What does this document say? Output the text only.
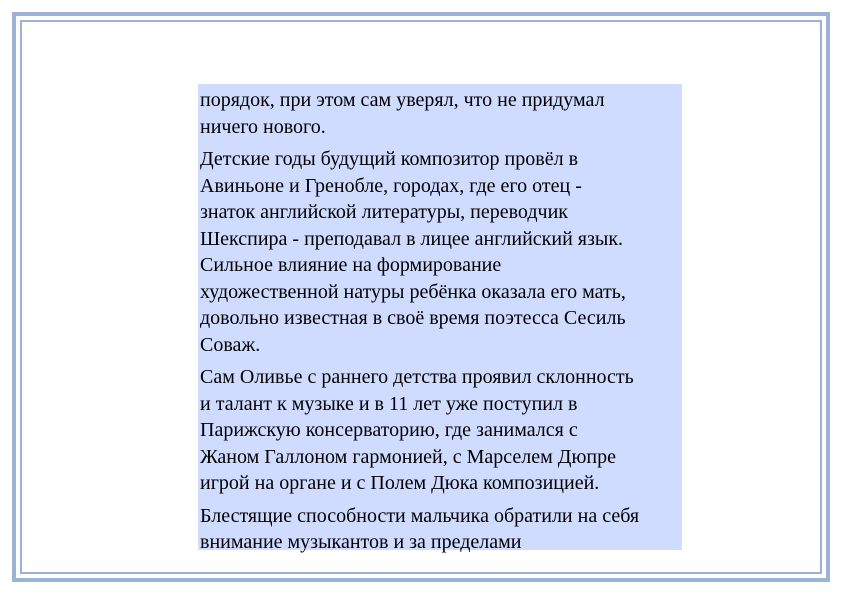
порядок, при этом сам уверял, что не придумал
ничего нового.

Детские годы будущий композитор провёл в
Авиньоне и Гренобле, городах, где его отец -
знаток английской литературы, переводчик
Шекспира - преподавал в лицее английский язык.
Сильное влияние на формирование
художественной натуры ребёнка оказала его мать,
довольно известная в своё время поэтесса Сесиль
Соваж.

Сам Оливье с раннего детства проявил склонность
и талант к музыке и в 11 лет уже поступил в
Парижскую консерваторию, где занимался с
Жаном Галлоном гармонией, с Марселем Дюпре
игрой на органе и с Полем Дюка композицией.

Блестящие способности мальчика обратили на себя
внимание музыкантов и за пределами
